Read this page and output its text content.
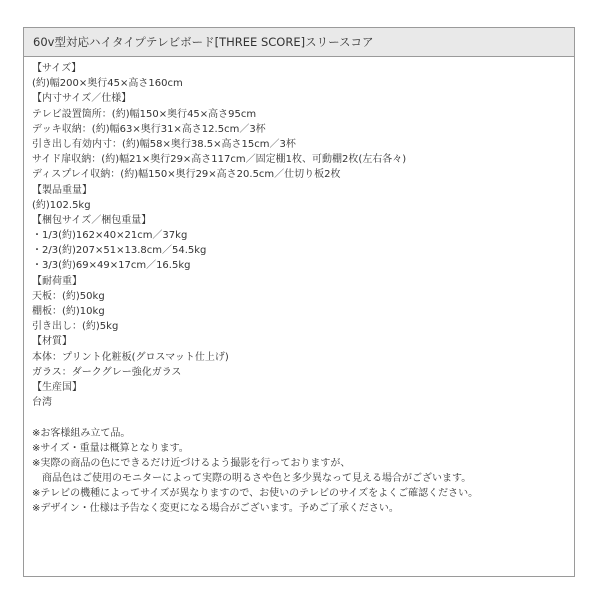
60v型対応ハイタイプテレビボード[THREE SCORE]スリースコア
【サイズ】
(約)幅200×奥行45×高さ160cm
【内寸サイズ／仕様】
テレビ設置箇所：(約)幅150×奥行45×高さ95cm
デッキ収納：(約)幅63×奥行31×高さ12.5cm／3杯
引き出し有効内寸：(約)幅58×奥行38.5×高さ15cm／3杯
サイド扉収納：(約)幅21×奥行29×高さ117cm／固定棚1枚、可動棚2枚(左右各々)
ディスプレイ収納：(約)幅150×奥行29×高さ20.5cm／仕切り板2枚
【製品重量】
(約)102.5kg
【梱包サイズ／梱包重量】
・1/3(約)162×40×21cm／37kg
・2/3(約)207×51×13.8cm／54.5kg
・3/3(約)69×49×17cm／16.5kg
【耐荷重】
天板：(約)50kg
棚板：(約)10kg
引き出し：(約)5kg
【材質】
本体：プリント化粧板(グロスマット仕上げ)
ガラス：ダークグレー強化ガラス
【生産国】
台湾
※お客様組み立て品。
※サイズ・重量は概算となります。
※実際の商品の色にできるだけ近づけるよう撮影を行っておりますが、
　商品色はご使用のモニターによって実際の明るさや色と多少異なって見える場合がございます。
※テレビの機種によってサイズが異なりますので、お使いのテレビのサイズをよくご確認ください。
※デザイン・仕様は予告なく変更になる場合がございます。予めご了承ください。
